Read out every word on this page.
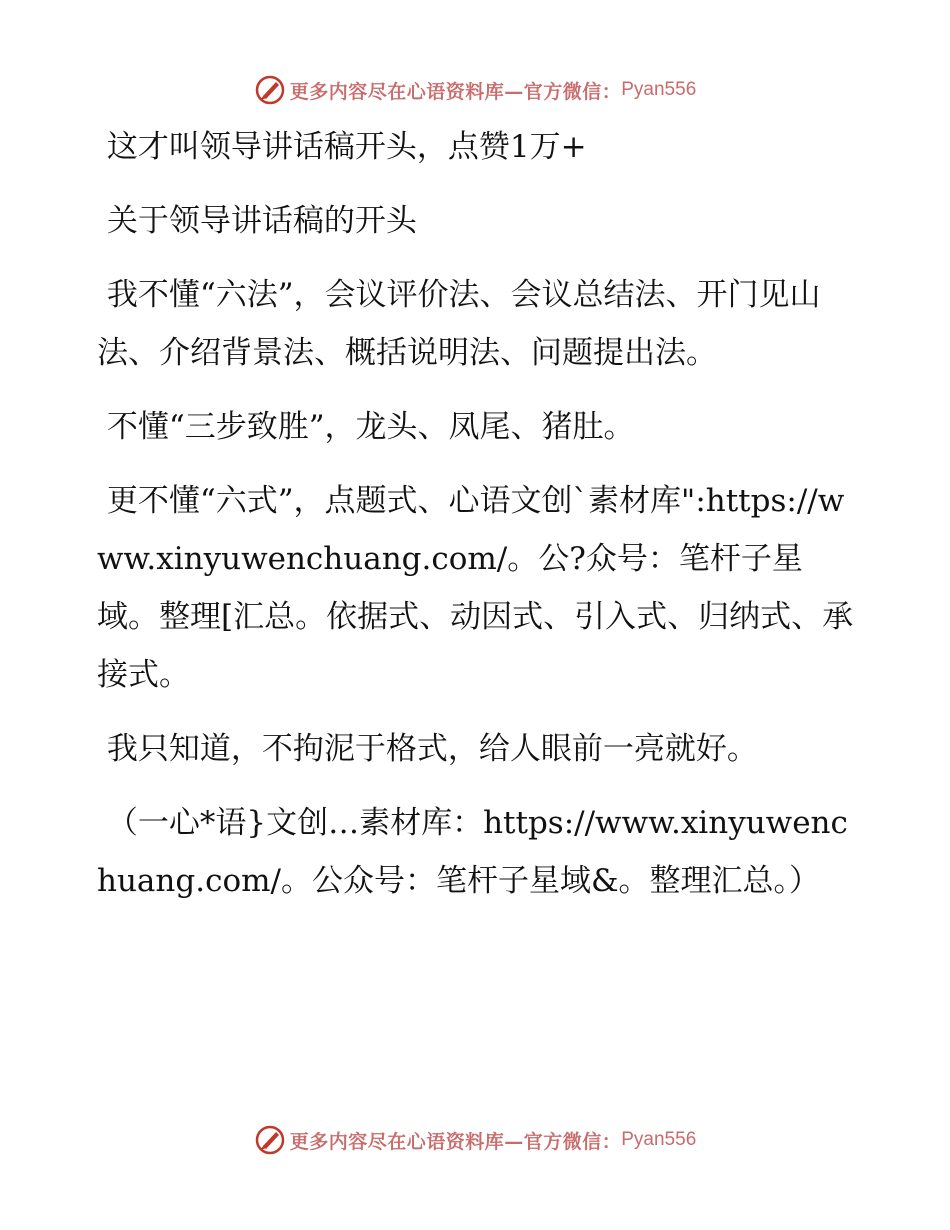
更多内容尽在心语资料库—官方微信： Pyan556

这才叫领导讲话稿开头，点赞1万+

关于领导讲话稿的开头

我不懂“六法”，会议评价法、会议总结法、开门见山法、介绍背景法、概括说明法、问题提出法。

不懂“三步致胜”，龙头、凤尾、猪肚。

更不懂“六式”，点题式、心语文创`素材库":https://www.xinyuwenchuang.com/。公?众号：笔杆子星域。整理[汇总。依据式、动因式、引入式、归纳式、承接式。

我只知道，不拘泥于格式，给人眼前一亮就好。

（一心*语}文创…素材库：https://www.xinyuwenchuang.com/。公众号：笔杆子星域&。整理汇总。）

更多内容尽在心语资料库—官方微信： Pyan556
